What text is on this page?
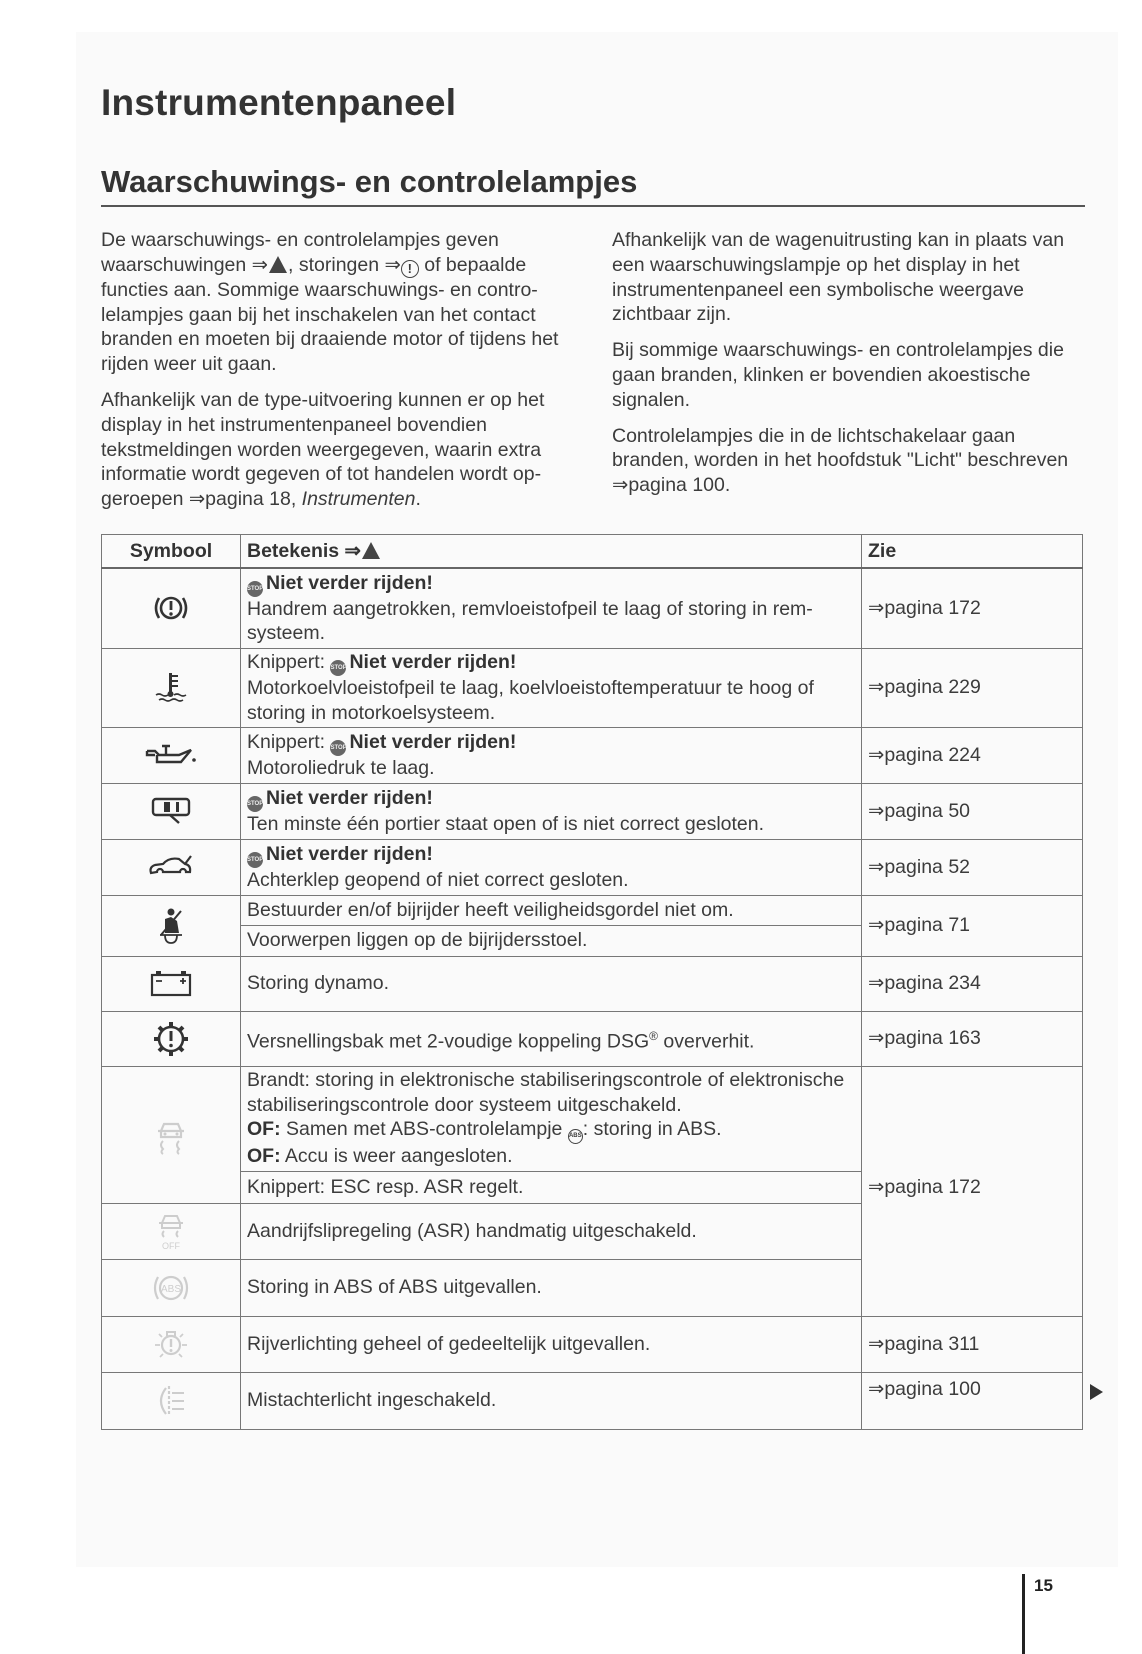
Instrumentenpaneel
Waarschuwings- en controlelampjes

De waarschuwings- en controlelampjes geven waarschuwingen ⇒ , storingen ⇒ ! of bepaalde functies aan. Sommige waarschuwings- en controlelampjes gaan bij het inschakelen van het contact branden en moeten bij draaiende motor of tijdens het rijden weer uit gaan.

Afhankelijk van de type-uitvoering kunnen er op het display in het instrumentenpaneel bovendien tekstmeldingen worden weergegeven, waarin extra informatie wordt gegeven of tot handelen wordt opgeroepen ⇒pagina 18, Instrumenten.

Afhankelijk van de wagenuitrusting kan in plaats van een waarschuwingslampje op het display in het instrumentenpaneel een symbolische weergave zichtbaar zijn.

Bij sommige waarschuwings- en controlelampjes die gaan branden, klinken er bovendien akoestische signalen.

Controlelampjes die in de lichtschakelaar gaan branden, worden in het hoofdstuk "Licht" beschreven ⇒pagina 100.

Symbool	Betekenis ⇒	Zie
	STOP Niet verder rijden!
Handrem aangetrokken, remvloeistofpeil te laag of storing in remsysteem.	⇒pagina 172
	Knippert: STOP Niet verder rijden!
Motorkoelvloeistofpeil te laag, koelvloeistoftemperatuur te hoog of storing in motorkoelsysteem.	⇒pagina 229
	Knippert: STOP Niet verder rijden!
Motoroliedruk te laag.	⇒pagina 224
	STOP Niet verder rijden!
Ten minste één portier staat open of is niet correct gesloten.	⇒pagina 50
	STOP Niet verder rijden!
Achterklep geopend of niet correct gesloten.	⇒pagina 52
	Bestuurder en/of bijrijder heeft veiligheidsgordel niet om.	⇒pagina 71
	Voorwerpen liggen op de bijrijdersstoel.	
	Storing dynamo.	⇒pagina 234
	Versnellingsbak met 2-voudige koppeling DSG® oververhit.	⇒pagina 163
	Brandt: storing in elektronische stabiliseringscontrole of elektronische stabiliseringscontrole door systeem uitgeschakeld.
OF: Samen met ABS-controlelampje ABS: storing in ABS.
OF: Accu is weer aangesloten.	⇒pagina 172
	Knippert: ESC resp. ASR regelt.	

OFF	Aandrijfslipregeling (ASR) handmatig uitgeschakeld.	

ABS	Storing in ABS of ABS uitgevallen.	
	Rijverlichting geheel of gedeeltelijk uitgevallen.	⇒pagina 311
	Mistachterlicht ingeschakeld.	⇒pagina 100
15
